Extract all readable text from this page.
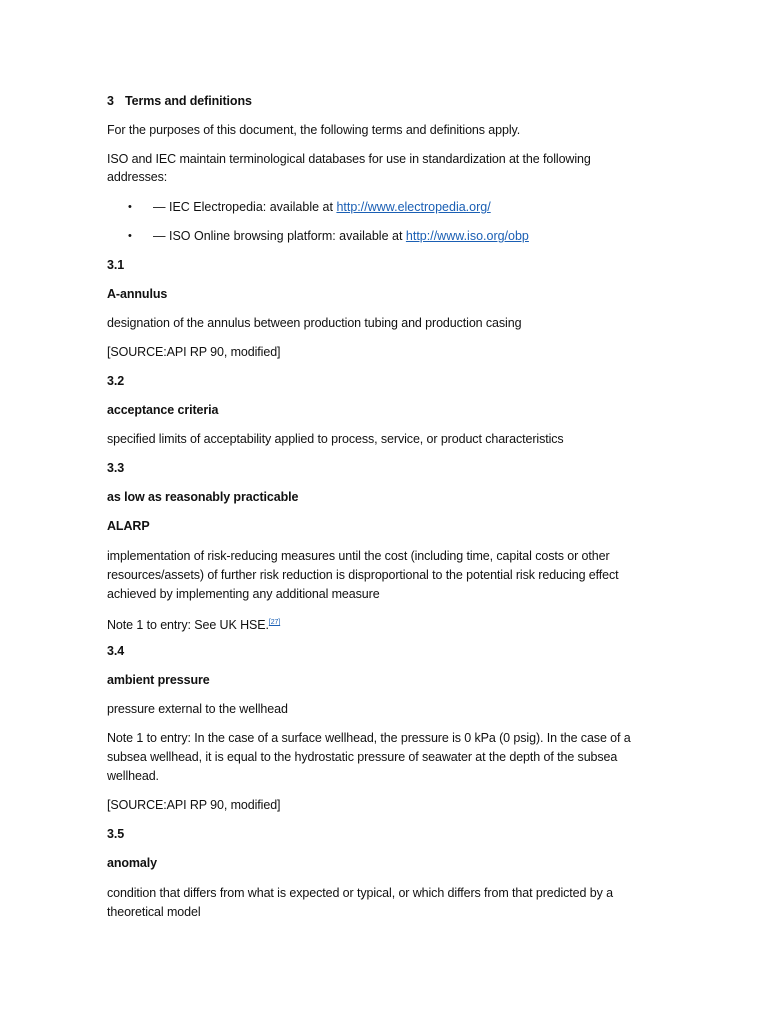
3 Terms and definitions
For the purposes of this document, the following terms and definitions apply.
ISO and IEC maintain terminological databases for use in standardization at the following
addresses:
• — IEC Electropedia: available at http://www.electropedia.org/
• — ISO Online browsing platform: available at http://www.iso.org/obp
3.1
A-annulus
designation of the annulus between production tubing and production casing
[SOURCE:API RP 90, modified]
3.2
acceptance criteria
specified limits of acceptability applied to process, service, or product characteristics
3.3
as low as reasonably practicable
ALARP
implementation of risk-reducing measures until the cost (including time, capital costs or other
resources/assets) of further risk reduction is disproportional to the potential risk reducing effect
achieved by implementing any additional measure
Note 1 to entry: See UK HSE.[27]
3.4
ambient pressure
pressure external to the wellhead
Note 1 to entry: In the case of a surface wellhead, the pressure is 0 kPa (0 psig). In the case of a
subsea wellhead, it is equal to the hydrostatic pressure of seawater at the depth of the subsea
wellhead.
[SOURCE:API RP 90, modified]
3.5
anomaly
condition that differs from what is expected or typical, or which differs from that predicted by a
theoretical model
